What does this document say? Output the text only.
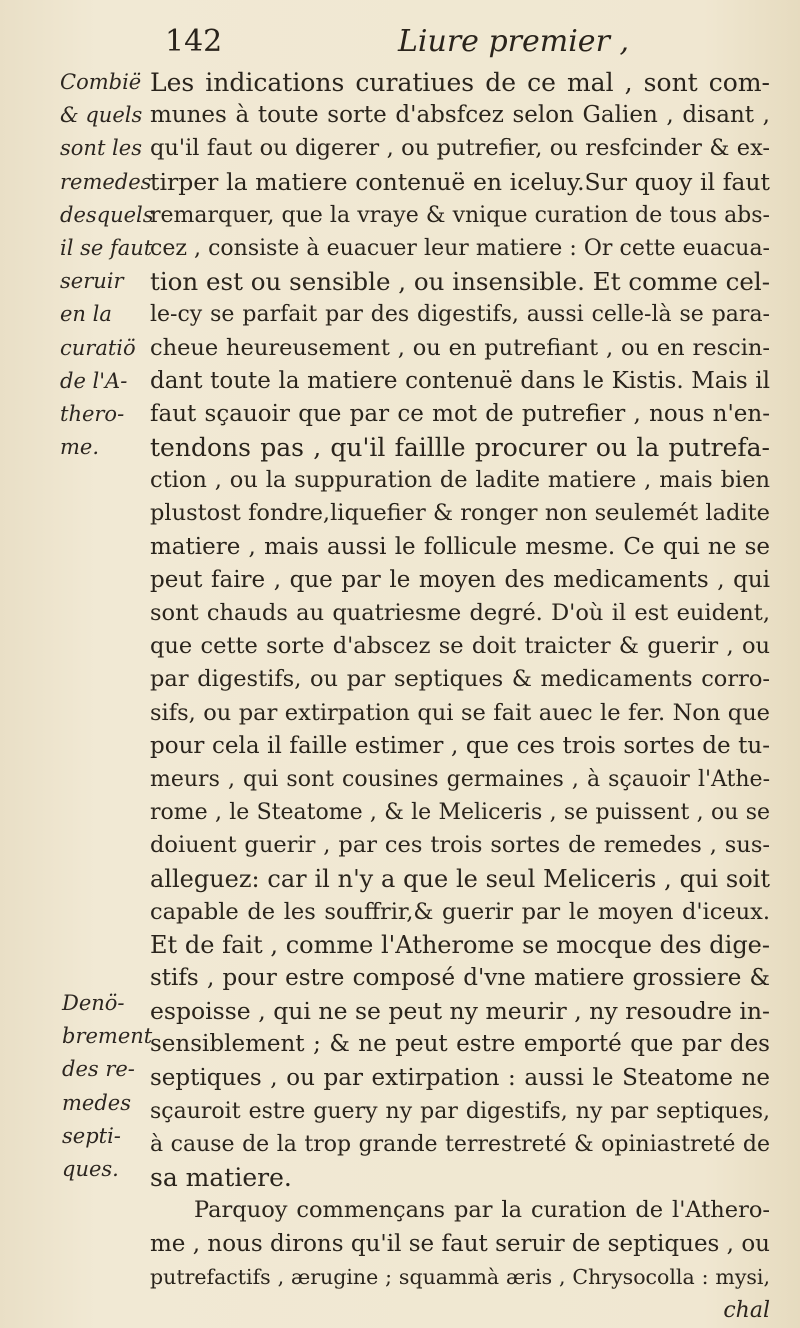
142	Liure premier ,
Combië
& quels
sont les
remedes
desquels
il se faut
seruir
en la
curatiö
de l'A-
thero-
me.
Denö-
brement
des re-
medes
septi-
ques.
Les indications curatiues de ce mal , sont com-
munes à toute sorte d'absfcez selon Galien , disant ,
qu'il faut ou digerer , ou putrefier, ou resfcinder & ex-
tirper la matiere contenuë en iceluy.Sur quoy il faut
remarquer, que la vraye & vnique curation de tous abs-
cez , consiste à euacuer leur matiere : Or cette euacua-
tion est ou sensible , ou insensible. Et comme cel-
le-cy se parfait par des digestifs, aussi celle-là se para-
cheue heureusement , ou en putrefiant , ou en rescin-
dant toute la matiere contenuë dans le Kistis. Mais il
faut sçauoir que par ce mot de putrefier , nous n'en-
tendons pas , qu'il faillle procurer ou la putrefa-
ction , ou la suppuration de ladite matiere , mais bien
plustost fondre,liquefier & ronger non seulemét ladite
matiere , mais aussi le follicule mesme. Ce qui ne se
peut faire , que par le moyen des medicaments , qui
sont chauds au quatriesme degré. D'où il est euident,
que cette sorte d'abscez se doit traicter & guerir , ou
par digestifs, ou par septiques & medicaments corro-
sifs, ou par extirpation qui se fait auec le fer. Non que
pour cela il faille estimer , que ces trois sortes de tu-
meurs , qui sont cousines germaines , à sçauoir l'Athe-
rome , le Steatome , & le Meliceris , se puissent , ou se
doiuent guerir , par ces trois sortes de remedes , sus-
alleguez: car il n'y a que le seul Meliceris , qui soit
capable de les souffrir,& guerir par le moyen d'iceux.
Et de fait , comme l'Atherome se mocque des dige-
stifs , pour estre composé d'vne matiere grossiere &
espoisse , qui ne se peut ny meurir , ny resoudre in-
sensiblement ; & ne peut estre emporté que par des
septiques , ou par extirpation : aussi le Steatome ne
sçauroit estre guery ny par digestifs, ny par septiques,
à cause de la trop grande terrestreté & opiniastreté de
sa matiere.
Parquoy commençans par la curation de l'Athero-
me , nous dirons qu'il se faut seruir de septiques , ou
putrefactifs , ærugine ; squammà æris , Chrysocolla : mysi,
chal
